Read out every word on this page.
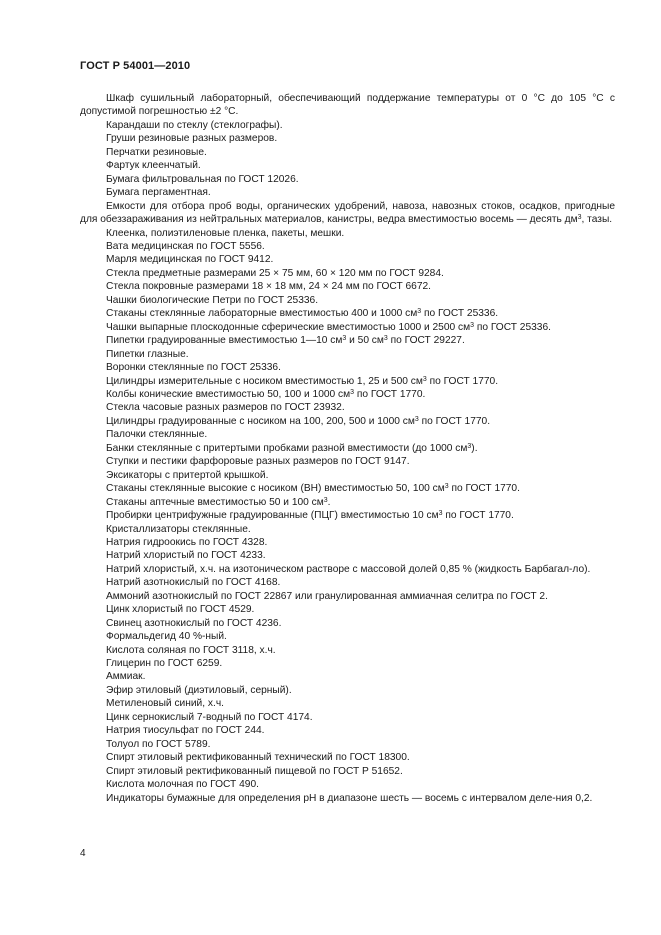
ГОСТ Р 54001—2010

Шкаф сушильный лабораторный, обеспечивающий поддержание температуры от 0 °С до 105 °С с допустимой погрешностью ±2 °С.

Карандаши по стеклу (стеклографы).

Груши резиновые разных размеров.

Перчатки резиновые.

Фартук клеенчатый.

Бумага фильтровальная по ГОСТ 12026.

Бумага пергаментная.

Емкости для отбора проб воды, органических удобрений, навоза, навозных стоков, осадков, пригодные для обеззараживания из нейтральных материалов, канистры, ведра вместимостью восемь — десять $дм^3$, тазы.

Клеенка, полиэтиленовые пленка, пакеты, мешки.

Вата медицинская по ГОСТ 5556.

Марля медицинская по ГОСТ 9412.

Стекла предметные размерами 25 × 75 мм, 60 × 120 мм по ГОСТ 9284.

Стекла покровные размерами 18 × 18 мм, 24 × 24 мм по ГОСТ 6672.

Чашки биологические Петри по ГОСТ 25336.

Стаканы стеклянные лабораторные вместимостью 400 и 1000 $см^3$ по ГОСТ 25336.

Чашки выпарные плоскодонные сферические вместимостью 1000 и 2500 $см^3$ по ГОСТ 25336.

Пипетки градуированные вместимостью 1—10 $см^3$ и 50 $см^3$ по ГОСТ 29227.

Пипетки глазные.

Воронки стеклянные по ГОСТ 25336.

Цилиндры измерительные с носиком вместимостью 1, 25 и 500 $см^3$ по ГОСТ 1770.

Колбы конические вместимостью 50, 100 и 1000 $см^3$ по ГОСТ 1770.

Стекла часовые разных размеров по ГОСТ 23932.

Цилиндры градуированные с носиком на 100, 200, 500 и 1000 $см^3$ по ГОСТ 1770.

Палочки стеклянные.

Банки стеклянные с притертыми пробками разной вместимости (до 1000 $см^3$).

Ступки и пестики фарфоровые разных размеров по ГОСТ 9147.

Эксикаторы с притертой крышкой.

Стаканы стеклянные высокие с носиком (ВН) вместимостью 50, 100 $см^3$ по ГОСТ 1770.

Стаканы аптечные вместимостью 50 и 100 $см^3$.

Пробирки центрифужные градуированные (ПЦГ) вместимостью 10 $см^3$ по ГОСТ 1770.

Кристаллизаторы стеклянные.

Натрия гидроокись по ГОСТ 4328.

Натрий хлористый по ГОСТ 4233.

Натрий хлористый, х.ч. на изотоническом растворе с массовой долей 0,85 % (жидкость Барбагал-ло).

Натрий азотнокислый по ГОСТ 4168.

Аммоний азотнокислый по ГОСТ 22867 или гранулированная аммиачная селитра по ГОСТ 2.

Цинк хлористый по ГОСТ 4529.

Свинец азотнокислый по ГОСТ 4236.

Формальдегид 40 %-ный.

Кислота соляная по ГОСТ 3118, х.ч.

Глицерин по ГОСТ 6259.

Аммиак.

Эфир этиловый (диэтиловый, серный).

Метиленовый синий, х.ч.

Цинк сернокислый 7-водный по ГОСТ 4174.

Натрия тиосульфат по ГОСТ 244.

Толуол по ГОСТ 5789.

Спирт этиловый ректификованный технический по ГОСТ 18300.

Спирт этиловый ректификованный пищевой по ГОСТ Р 51652.

Кислота молочная по ГОСТ 490.

Индикаторы бумажные для определения рН в диапазоне шесть — восемь с интервалом деле-ния 0,2.

4
